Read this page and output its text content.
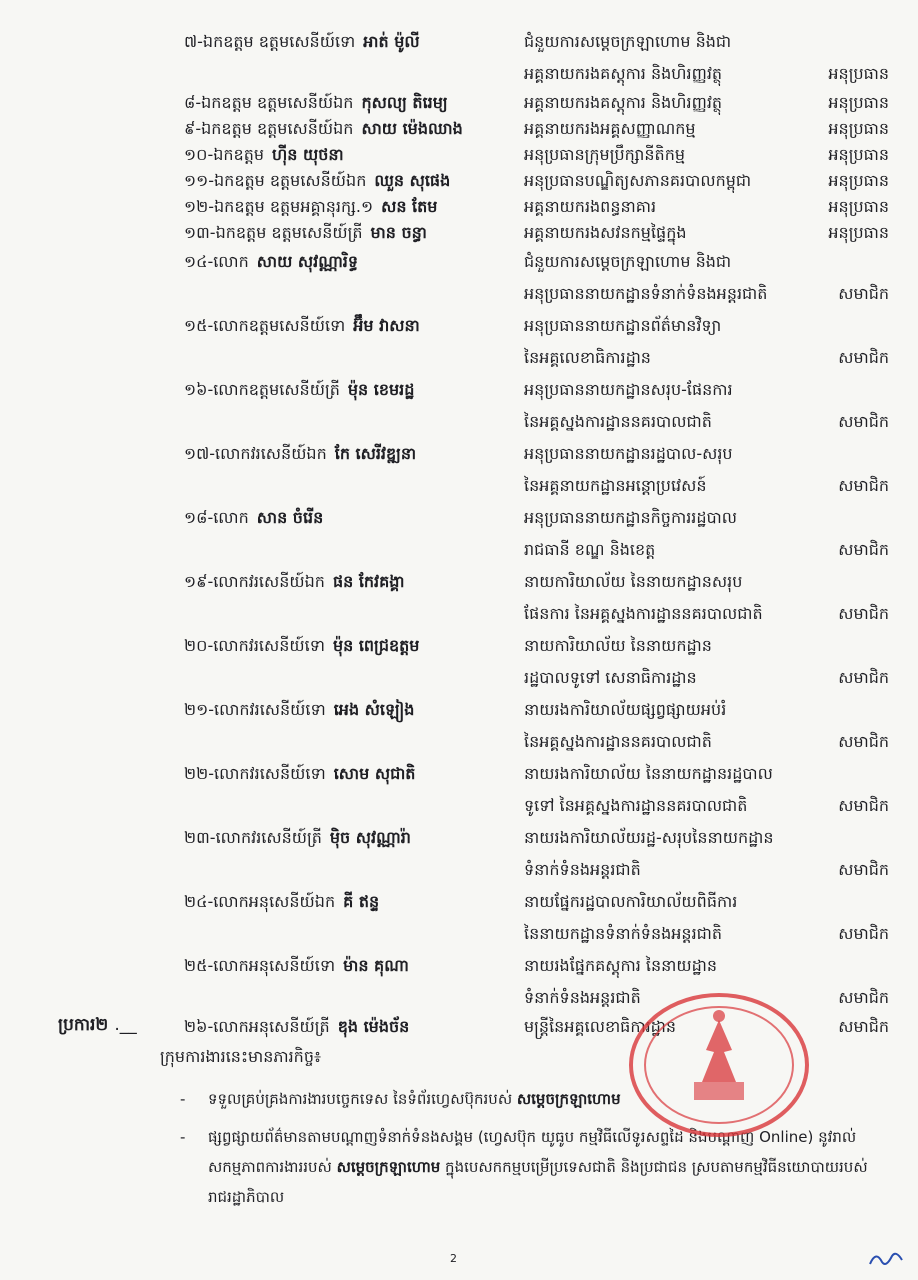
៧-ឯកឧត្តម ឧត្តមសេនីយ៍ទោ អាត់ ម៉ូលី	ជំនួយការសម្តេចក្រឡាហោម និងជា
អគ្គនាយករងគស្តុការ និងហិរញ្ញវត្ថុ	អនុប្រធាន
៨-ឯកឧត្តម ឧត្តមសេនីយ៍ឯក កុសល្យ តិរេម្យ	អគ្គនាយករងគស្តុការ និងហិរញ្ញវត្ថុ	អនុប្រធាន
៩-ឯកឧត្តម ឧត្តមសេនីយ៍ឯក សាយ ម៉េងឈាង	អគ្គនាយករងអគ្គសញ្ញាណកម្ម	អនុប្រធាន
១០-ឯកឧត្តម ហ៊ីន យុថនា	អនុប្រធានក្រុមប្រឹក្សានីតិកម្ម	អនុប្រធាន
១១-ឯកឧត្តម ឧត្តមសេនីយ៍ឯក ឈួន សុផេង	អនុប្រធានបណ្ឌិត្យសភានគរបាលកម្ពុជា	អនុប្រធាន
១២-ឯកឧត្តម ឧត្តមអគ្គានុរក្ស.១ សន តែម	អគ្គនាយករងពន្ធនាគារ	អនុប្រធាន
១៣-ឯកឧត្តម ឧត្តមសេនីយ៍ត្រី មាន ចន្ធា	អគ្គនាយករងសវនកម្មផ្ទៃក្នុង	អនុប្រធាន
១៤-លោក សាយ សុវណ្ណារិទ្ធ	ជំនួយការសម្តេចក្រឡាហោម និងជា
អនុប្រធាននាយកដ្ឋានទំនាក់ទំនងអន្តរជាតិ	សមាជិក
១៥-លោកឧត្តមសេនីយ៍ទោ អ៊ឹម វាសនា	អនុប្រធាននាយកដ្ឋានព័ត៌មានវិទ្យា
នៃអគ្គលេខាធិការដ្ឋាន	សមាជិក
១៦-លោកឧត្តមសេនីយ៍ត្រី ម៉ុន ខេមរដ្ឋ	អនុប្រធាននាយកដ្ឋានសរុប-ផែនការ
នៃអគ្គស្នងការដ្ឋាននគរបាលជាតិ	សមាជិក
១៧-លោកវរសេនីយ៍ឯក កែ សេរីវឌ្ឍនា	អនុប្រធាននាយកដ្ឋានរដ្ឋបាល-សរុប
នៃអគ្គនាយកដ្ឋានអន្តោប្រវេសន៍	សមាជិក
១៨-លោក សាន ចំរើន	អនុប្រធាននាយកដ្ឋានកិច្ចការរដ្ឋបាល
រាជធានី ខណ្ឌ និងខេត្ត	សមាជិក
១៩-លោកវរសេនីយ៍ឯក ផន កែវគង្គា	នាយការិយាល័យ នៃនាយកដ្ឋានសរុប
ផែនការ នៃអគ្គស្នងការដ្ឋាននគរបាលជាតិ	សមាជិក
២០-លោកវរសេនីយ៍ទោ ម៉ុន ពេជ្រឧត្តម	នាយការិយាល័យ នៃនាយកដ្ឋាន
រដ្ឋបាលទូទៅ សេនាធិការដ្ឋាន	សមាជិក
២១-លោកវរសេនីយ៍ទោ អេង សំឡៀង	នាយរងការិយាល័យផ្សព្វផ្សាយអប់រំ
នៃអគ្គស្នងការដ្ឋាននគរបាលជាតិ	សមាជិក
២២-លោកវរសេនីយ៍ទោ សោម សុជាតិ	នាយរងការិយាល័យ នៃនាយកដ្ឋានរដ្ឋបាល
ទូទៅ នៃអគ្គស្នងការដ្ឋាននគរបាលជាតិ	សមាជិក
២៣-លោកវរសេនីយ៍ត្រី ម៉ិច សុវណ្ណារ៉ា	នាយរងការិយាល័យរដ្ឋ-សរុបនៃនាយកដ្ឋាន
ទំនាក់ទំនងអន្តរជាតិ	សមាជិក
២៤-លោកអនុសេនីយ៍ឯក គី ឥន្ទ	នាយផ្នែករដ្ឋបាលការិយាល័យពិធីការ
នៃនាយកដ្ឋានទំនាក់ទំនងអន្តរជាតិ	សមាជិក
២៥-លោកអនុសេនីយ៍ទោ ម៉ាន គុណា	នាយរងផ្នែកគស្តុការ នៃនាយដ្ឋាន
ទំនាក់ទំនងអន្តរជាតិ	សមាជិក
២៦-លោកអនុសេនីយ៍ត្រី ឌុង ម៉េងច័ន	មន្ត្រីនៃអគ្គលេខាធិការដ្ឋាន	សមាជិក
ប្រការ២ .__
ក្រុមការងារនេះមានភារកិច្ច៖
- ទទួលគ្រប់គ្រងការងារបច្ចេកទេស នៃទំព័រហ្វេសប៊ុករបស់ សម្តេចក្រឡាហោម
- ផ្សព្វផ្សាយព័ត៌មានតាមបណ្តាញទំនាក់ទំនងសង្គម (ហ្វេសប៊ុក យូធូប កម្មវិធីលើទូរសព្ទដៃ និងបណ្តាញ Online) នូវរាល់សកម្មភាពការងាររបស់ សម្តេចក្រឡាហោម ក្នុងបេសកកម្មបម្រើប្រទេសជាតិ និងប្រជាជន ស្របតាមកម្មវិធីនយោបាយរបស់រាជរដ្ឋាភិបាល
2
